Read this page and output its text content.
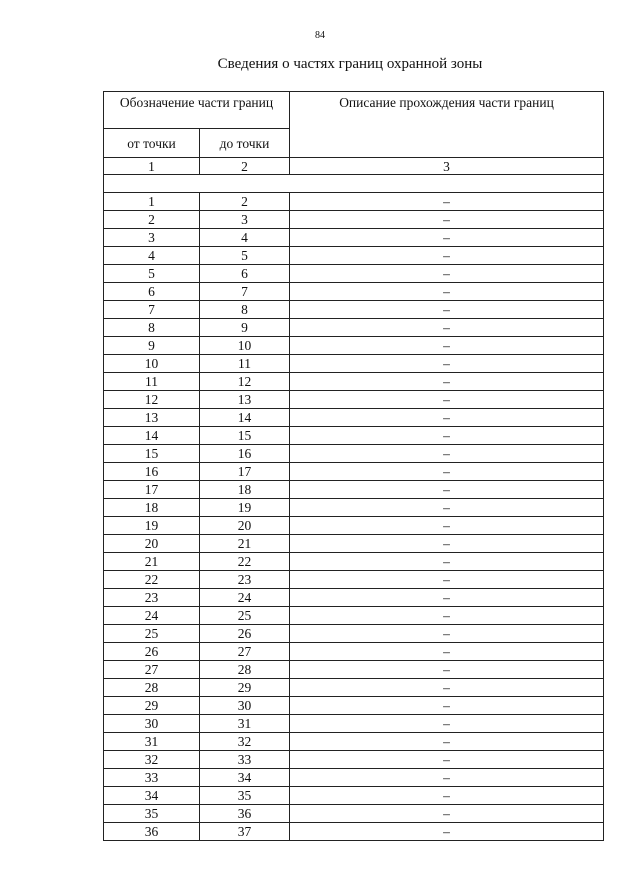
84
Сведения о частях границ охранной зоны
Обозначение части границ		Описание прохождения части границ
от точки	до точки	
1	2	3

1	2	–
2	3	–
3	4	–
4	5	–
5	6	–
6	7	–
7	8	–
8	9	–
9	10	–
10	11	–
11	12	–
12	13	–
13	14	–
14	15	–
15	16	–
16	17	–
17	18	–
18	19	–
19	20	–
20	21	–
21	22	–
22	23	–
23	24	–
24	25	–
25	26	–
26	27	–
27	28	–
28	29	–
29	30	–
30	31	–
31	32	–
32	33	–
33	34	–
34	35	–
35	36	–
36	37	–
